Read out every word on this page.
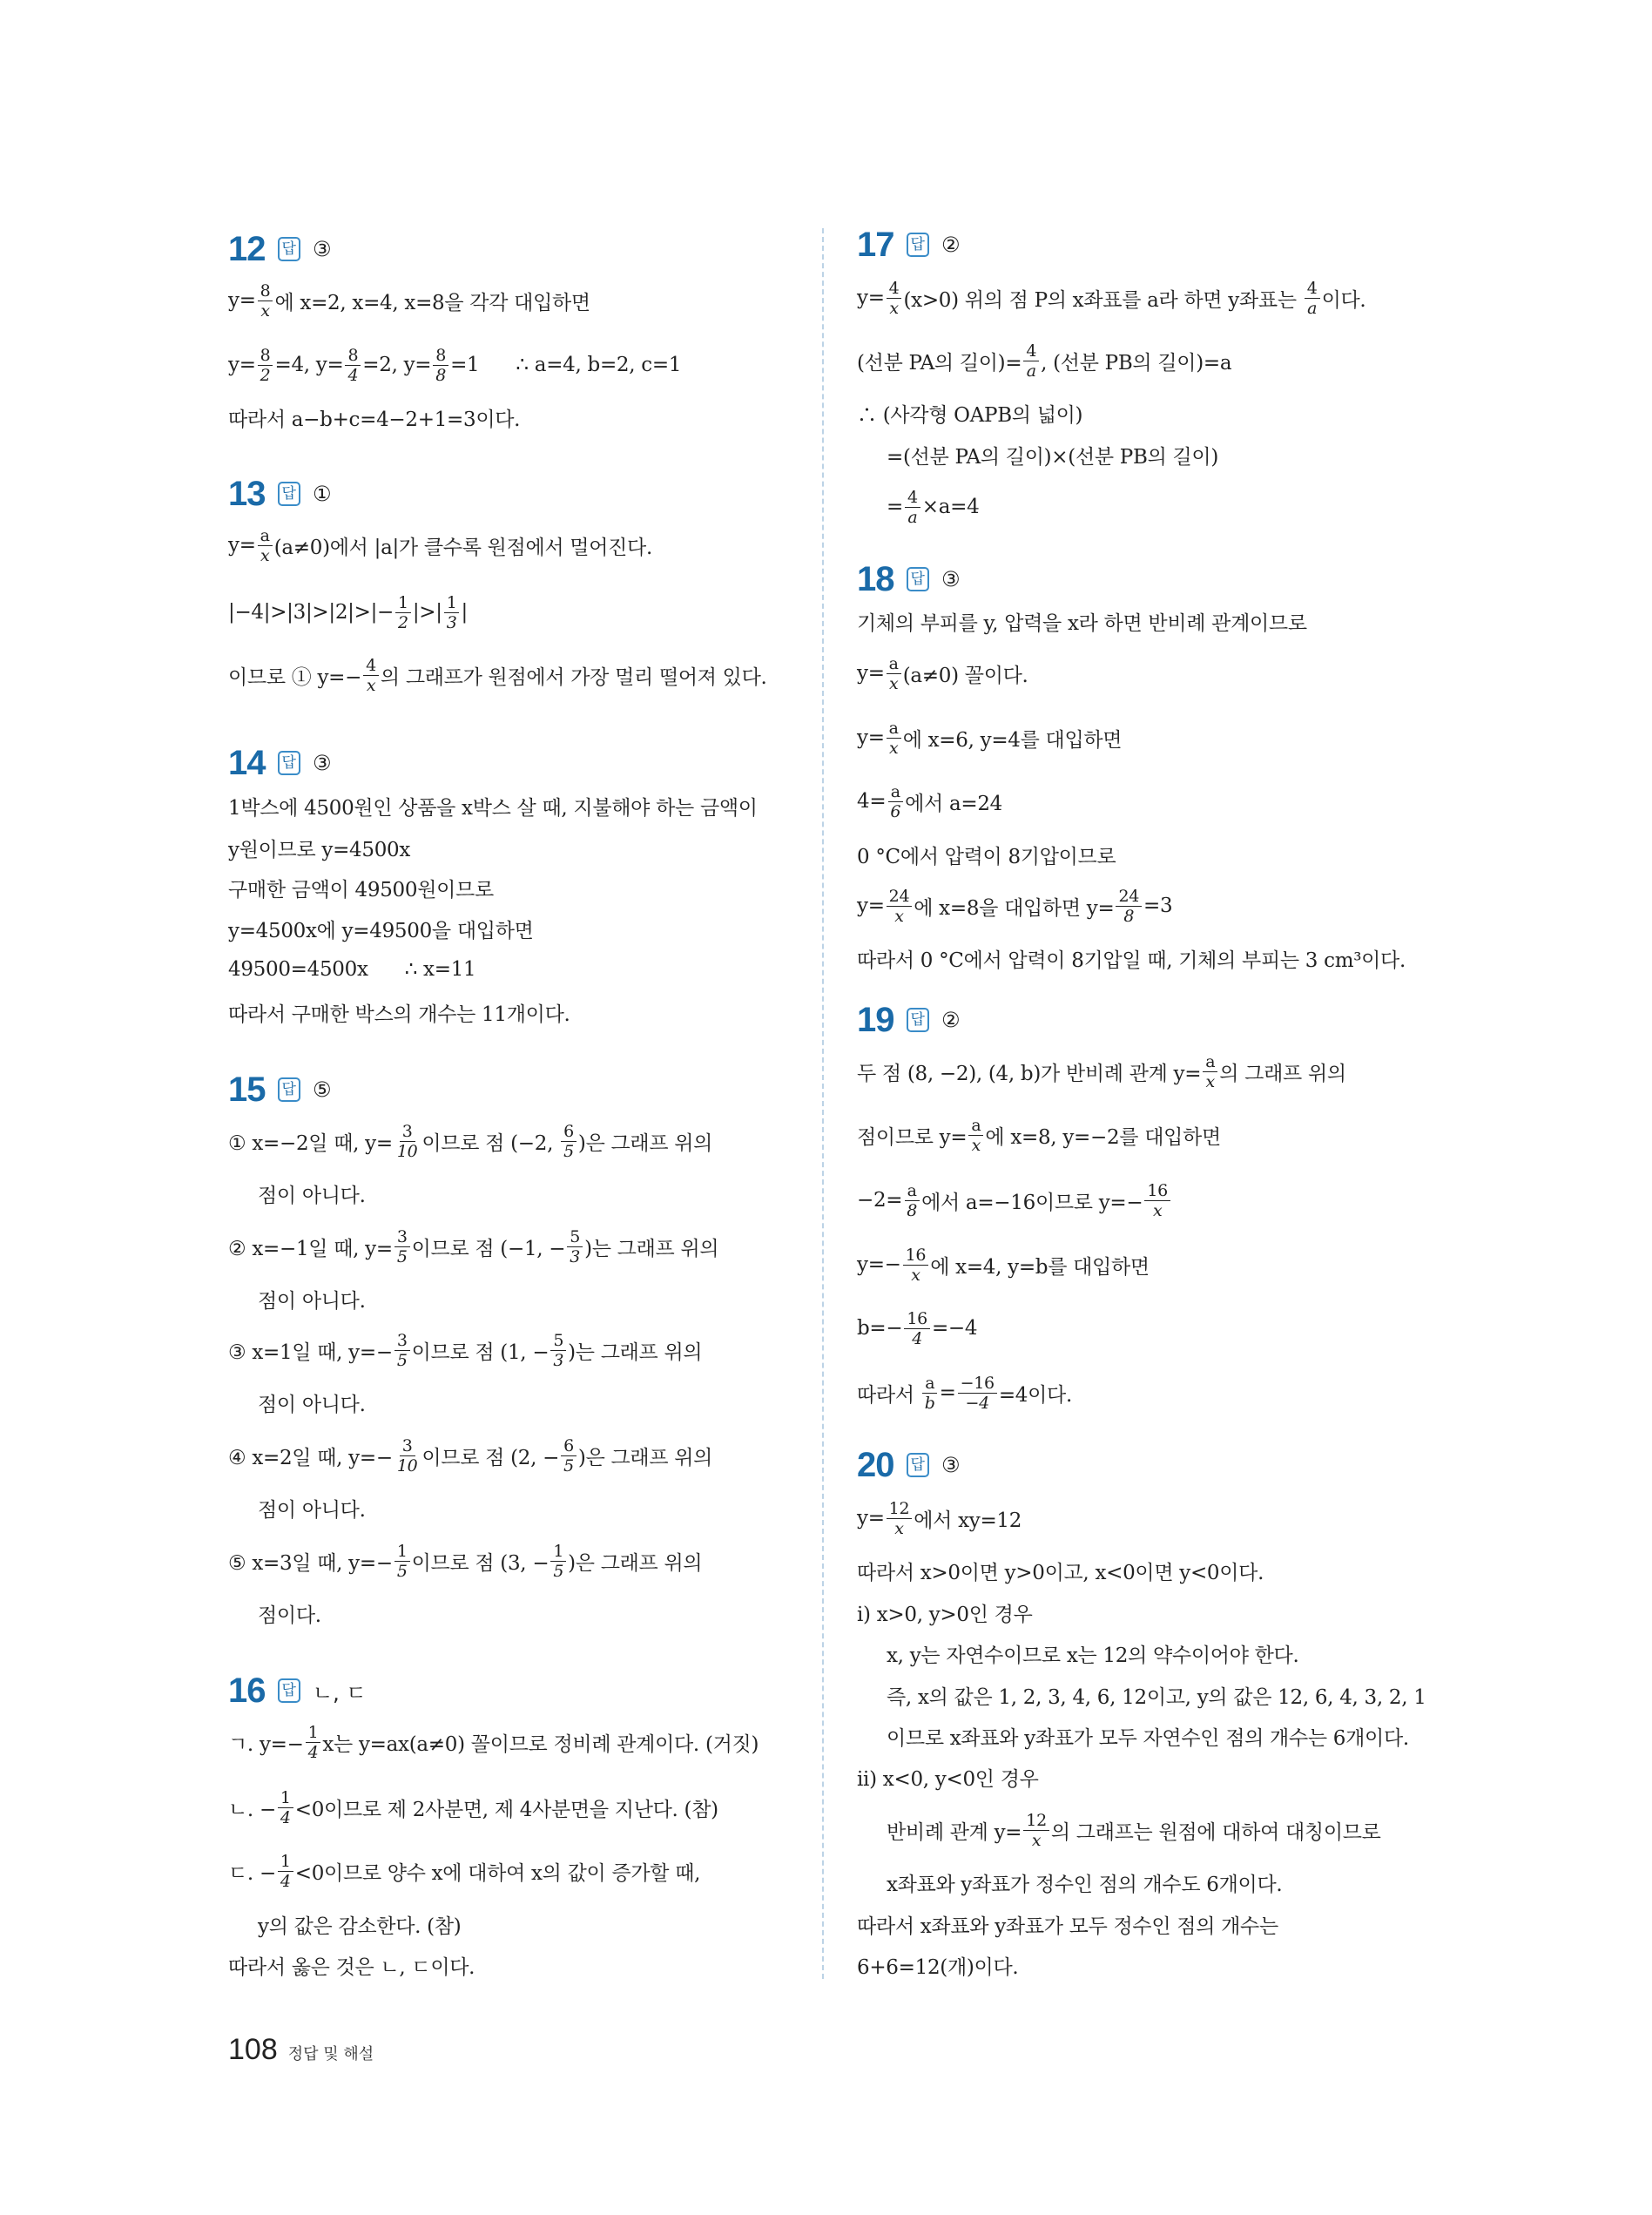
12 답 ③
$y= \frac{8}{x}$ 에 x=2, x=4, x=8을 각각 대입하면
$y= \frac{8}{2} =4$, $y= \frac{8}{4} =2$, $y= \frac{8}{8} =1$      ∴ a=4, b=2, c=1
따라서 a−b+c=4−2+1=3이다.
13 답 ①
$y= \frac{a}{x} (a\ne 0)$에서 |a|가 클수록 원점에서 멀어진다.
$|-4|>|3|>|2|>|- \frac{1}{2}$ |>| $\frac{1}{3}$ |
이므로 ① $y=- \frac{4}{x}$ 의 그래프가 원점에서 가장 멀리 떨어져 있다.
14 답 ③
1박스에 4500원인 상품을 x박스 살 때, 지불해야 하는 금액이
y원이므로 y=4500x
구매한 금액이 49500원이므로
y=4500x에 y=49500을 대입하면
49500=4500x      ∴ x=11
따라서 구매한 박스의 개수는 11개이다.
15 답 ⑤
① x=−2일 때, $y= \frac{3}{10}$ 이므로 점 (−2, $\frac{6}{5}$ )은 그래프 위의
점이 아니다.
② x=−1일 때, $y= \frac{3}{5}$ 이므로 점 (−1, − $\frac{5}{3}$ )는 그래프 위의
점이 아니다.
③ x=1일 때, $y=- \frac{3}{5}$ 이므로 점 (1, − $\frac{5}{3}$ )는 그래프 위의
점이 아니다.
④ x=2일 때, $y=- \frac{3}{10}$ 이므로 점 (2, − $\frac{6}{5}$ )은 그래프 위의
점이 아니다.
⑤ x=3일 때, $y=- \frac{1}{5}$ 이므로 점 (3, − $\frac{1}{5}$ )은 그래프 위의
점이다.
16 답 ㄴ, ㄷ
ㄱ. $y=- \frac{1}{4}$ x는 y=ax(a≠0) 꼴이므로 정비례 관계이다. (거짓)
ㄴ. − $\frac{1}{4} <0$이므로 제 2사분면, 제 4사분면을 지난다. (참)
ㄷ. − $\frac{1}{4} <0$이므로 양수 x에 대하여 x의 값이 증가할 때,
y의 값은 감소한다. (참)
따라서 옳은 것은 ㄴ, ㄷ이다.
17 답 ②
$y= \frac{4}{x} (x>0)$ 위의 점 P의 x좌표를 a라 하면 y좌표는 $\frac{4}{a}$ 이다.
(선분 PA의 길이)= $\frac{4}{a}$ , (선분 PB의 길이)=a
∴ (사각형 OAPB의 넓이)
=(선분 PA의 길이)×(선분 PB의 길이)
= $\frac{4}{a} \times a=4$
18 답 ③
기체의 부피를 y, 압력을 x라 하면 반비례 관계이므로
$y= \frac{a}{x} (a\ne 0)$ 꼴이다.
$y= \frac{a}{x}$ 에 x=6, y=4를 대입하면
$4= \frac{a}{6}$ 에서 a=24
0 °C에서 압력이 8기압이므로
$y= \frac{24}{x}$ 에 x=8을 대입하면 $y= \frac{24}{8} =3$
따라서 0 °C에서 압력이 8기압일 때, 기체의 부피는 3 cm³이다.
19 답 ②
두 점 (8, −2), (4, b)가 반비례 관계 $y= \frac{a}{x}$ 의 그래프 위의
점이므로 $y= \frac{a}{x}$ 에 x=8, y=−2를 대입하면
$-2= \frac{a}{8}$ 에서 a=−16이므로 $y=- \frac{16}{x}$
$y=- \frac{16}{x}$ 에 x=4, y=b를 대입하면
$b=- \frac{16}{4} =-4$
따라서 $\frac{a}{b} = \frac{-16}{-4} =4$이다.
20 답 ③
$y= \frac{12}{x}$ 에서 xy=12
따라서 x>0이면 y>0이고, x<0이면 y<0이다.
i) x>0, y>0인 경우
x, y는 자연수이므로 x는 12의 약수이어야 한다.
즉, x의 값은 1, 2, 3, 4, 6, 12이고, y의 값은 12, 6, 4, 3, 2, 1
이므로 x좌표와 y좌표가 모두 자연수인 점의 개수는 6개이다.
ii) x<0, y<0인 경우
반비례 관계 $y= \frac{12}{x}$ 의 그래프는 원점에 대하여 대칭이므로
x좌표와 y좌표가 정수인 점의 개수도 6개이다.
따라서 x좌표와 y좌표가 모두 정수인 점의 개수는
6+6=12(개)이다.
108 정답 및 해설
